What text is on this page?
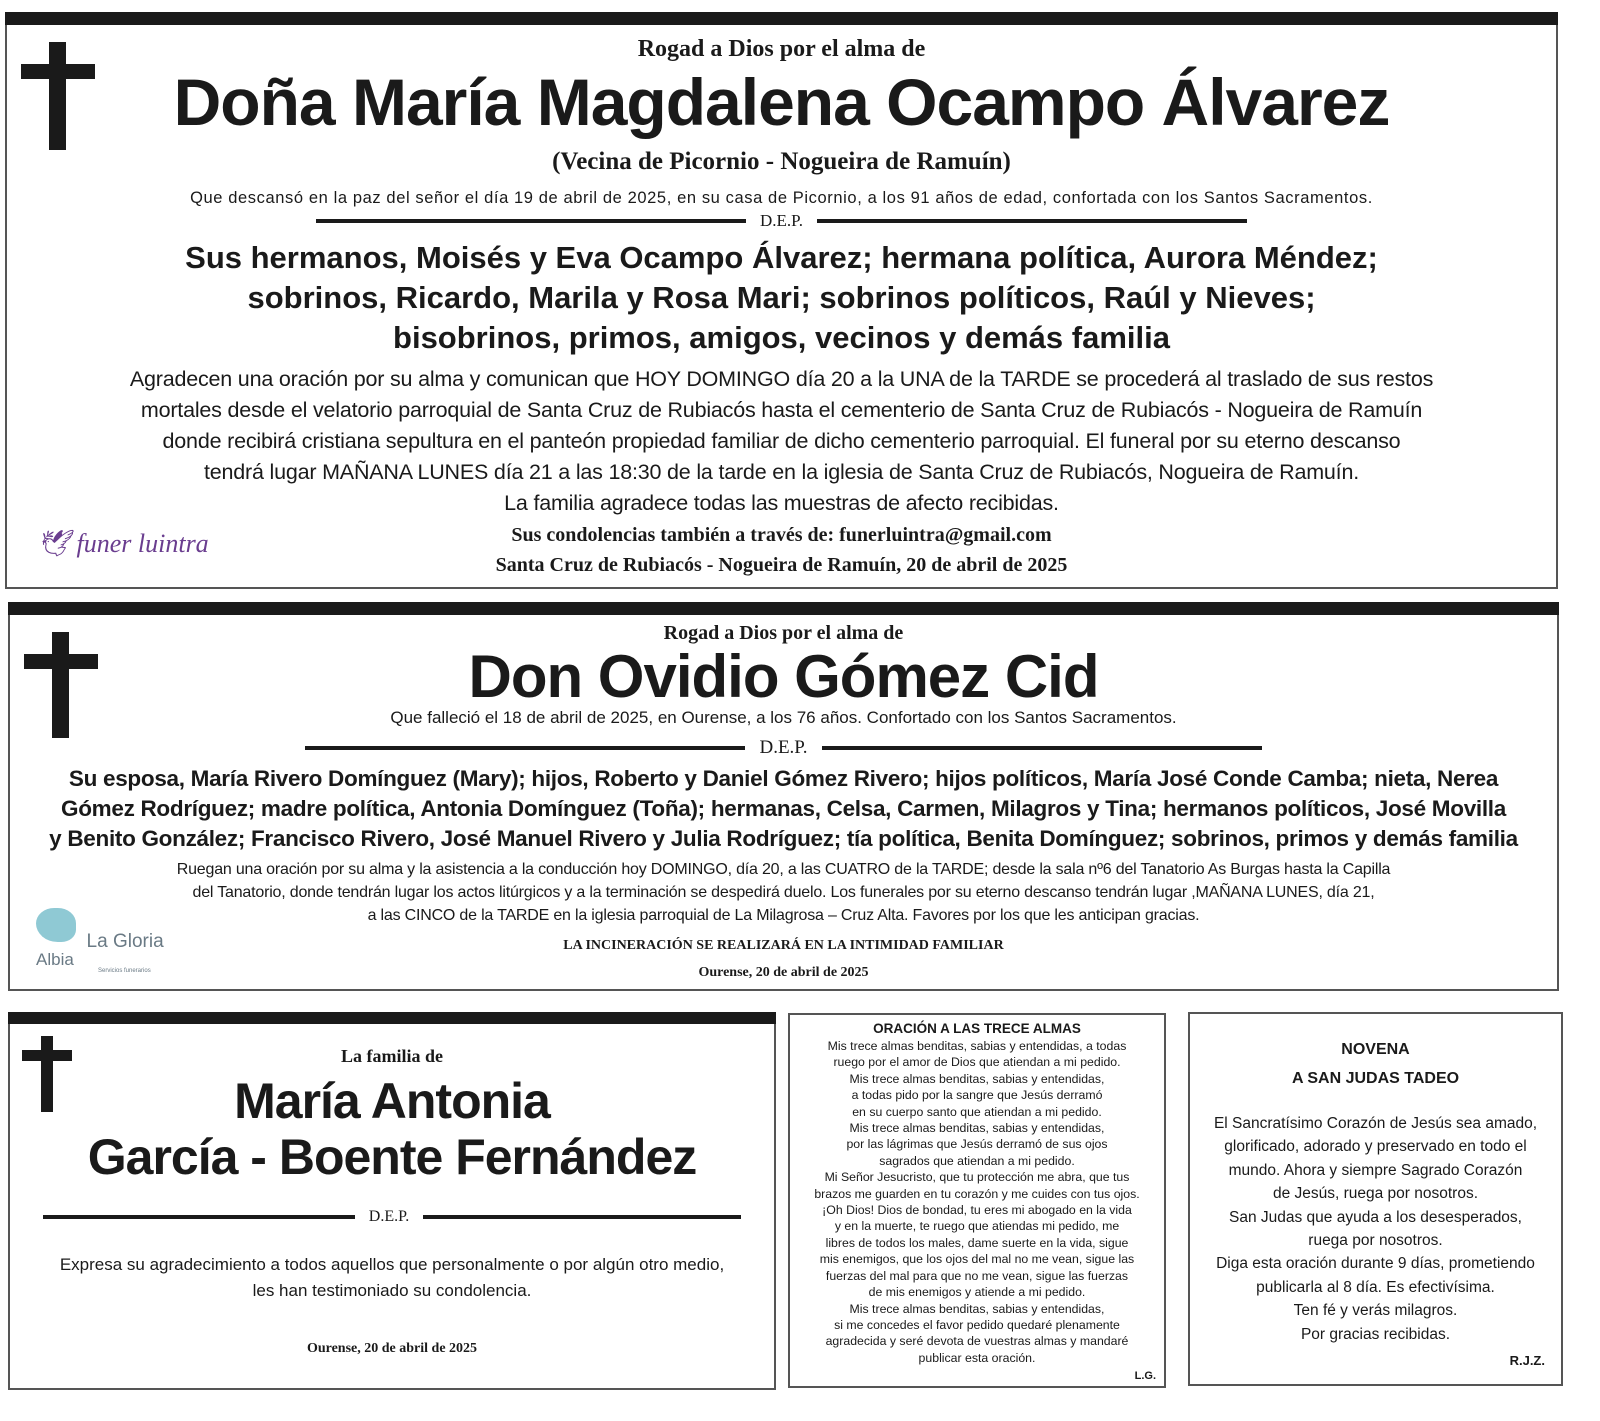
Rogad a Dios por el alma de

Doña María Magdalena Ocampo Álvarez

(Vecina de Picornio - Nogueira de Ramuín)

Que descansó en la paz del señor el día 19 de abril de 2025, en su casa de Picornio, a los 91 años de edad, confortada con los Santos Sacramentos.

D.E.P.

Sus hermanos, Moisés y Eva Ocampo Álvarez; hermana política, Aurora Méndez;

sobrinos, Ricardo, Marila y Rosa Mari; sobrinos políticos, Raúl y Nieves;

bisobrinos, primos, amigos, vecinos y demás familia

Agradecen una oración por su alma y comunican que HOY DOMINGO día 20 a la UNA de la TARDE se procederá al traslado de sus restos

mortales desde el velatorio parroquial de Santa Cruz de Rubiacós hasta el cementerio de Santa Cruz de Rubiacós - Nogueira de Ramuín

donde recibirá cristiana sepultura en el panteón propiedad familiar de dicho cementerio parroquial. El funeral por su eterno descanso

tendrá lugar MAÑANA LUNES día 21 a las 18:30 de la tarde en la iglesia de Santa Cruz de Rubiacós, Nogueira de Ramuín.

La familia agradece todas las muestras de afecto recibidas.

Sus condolencias también a través de: funerluintra@gmail.com

Santa Cruz de Rubiacós - Nogueira de Ramuín, 20 de abril de 2025

🕊 funer luintra

Rogad a Dios por el alma de

Don Ovidio Gómez Cid

Que falleció el 18 de abril de 2025, en Ourense, a los 76 años. Confortado con los Santos Sacramentos.

D.E.P.

Su esposa, María Rivero Domínguez (Mary); hijos, Roberto y Daniel Gómez Rivero; hijos políticos, María José Conde Camba; nieta, Nerea

Gómez Rodríguez; madre política, Antonia Domínguez (Toña); hermanas, Celsa, Carmen, Milagros y Tina; hermanos políticos, José Movilla

y Benito González; Francisco Rivero, José Manuel Rivero y Julia Rodríguez; tía política, Benita Domínguez; sobrinos, primos y demás familia

Ruegan una oración por su alma y la asistencia a la conducción hoy DOMINGO, día 20, a las CUATRO de la TARDE; desde la sala nº6 del Tanatorio As Burgas hasta la Capilla

del Tanatorio, donde tendrán lugar los actos litúrgicos y a la terminación se despedirá duelo. Los funerales por su eterno descanso tendrán lugar ,MAÑANA LUNES, día 21,

a las CINCO de la TARDE en la iglesia parroquial de La Milagrosa – Cruz Alta. Favores por los que les anticipan gracias.

LA INCINERACIÓN SE REALIZARÁ EN LA INTIMIDAD FAMILIAR

Ourense, 20 de abril de 2025

Albia La Gloria
Servicios funerarios

La familia de

María Antonia

García - Boente Fernández

D.E.P.

Expresa su agradecimiento a todos aquellos que personalmente o por algún otro medio,

les han testimoniado su condolencia.

Ourense, 20 de abril de 2025

ORACIÓN A LAS TRECE ALMAS

Mis trece almas benditas, sabias y entendidas, a todas

ruego por el amor de Dios que atiendan a mi pedido.

Mis trece almas benditas, sabias y entendidas,

a todas pido por la sangre que Jesús derramó

en su cuerpo santo que atiendan a mi pedido.

Mis trece almas benditas, sabias y entendidas,

por las lágrimas que Jesús derramó de sus ojos

sagrados que atiendan a mi pedido.

Mi Señor Jesucristo, que tu protección me abra, que tus

brazos me guarden en tu corazón y me cuides con tus ojos.

¡Oh Dios! Dios de bondad, tu eres mi abogado en la vida

y en la muerte, te ruego que atiendas mi pedido, me

libres de todos los males, dame suerte en la vida, sigue

mis enemigos, que los ojos del mal no me vean, sigue las

fuerzas del mal para que no me vean, sigue las fuerzas

de mis enemigos y atiende a mi pedido.

Mis trece almas benditas, sabias y entendidas,

si me concedes el favor pedido quedaré plenamente

agradecida y seré devota de vuestras almas y mandaré

publicar esta oración.

L.G.

NOVENA

A SAN JUDAS TADEO

El Sancratísimo Corazón de Jesús sea amado,

glorificado, adorado y preservado en todo el

mundo. Ahora y siempre Sagrado Corazón

de Jesús, ruega por nosotros.

San Judas que ayuda a los desesperados,

ruega por nosotros.

Diga esta oración durante 9 días, prometiendo

publicarla al 8 día. Es efectivísima.

Ten fé y verás milagros.

Por gracias recibidas.

R.J.Z.
